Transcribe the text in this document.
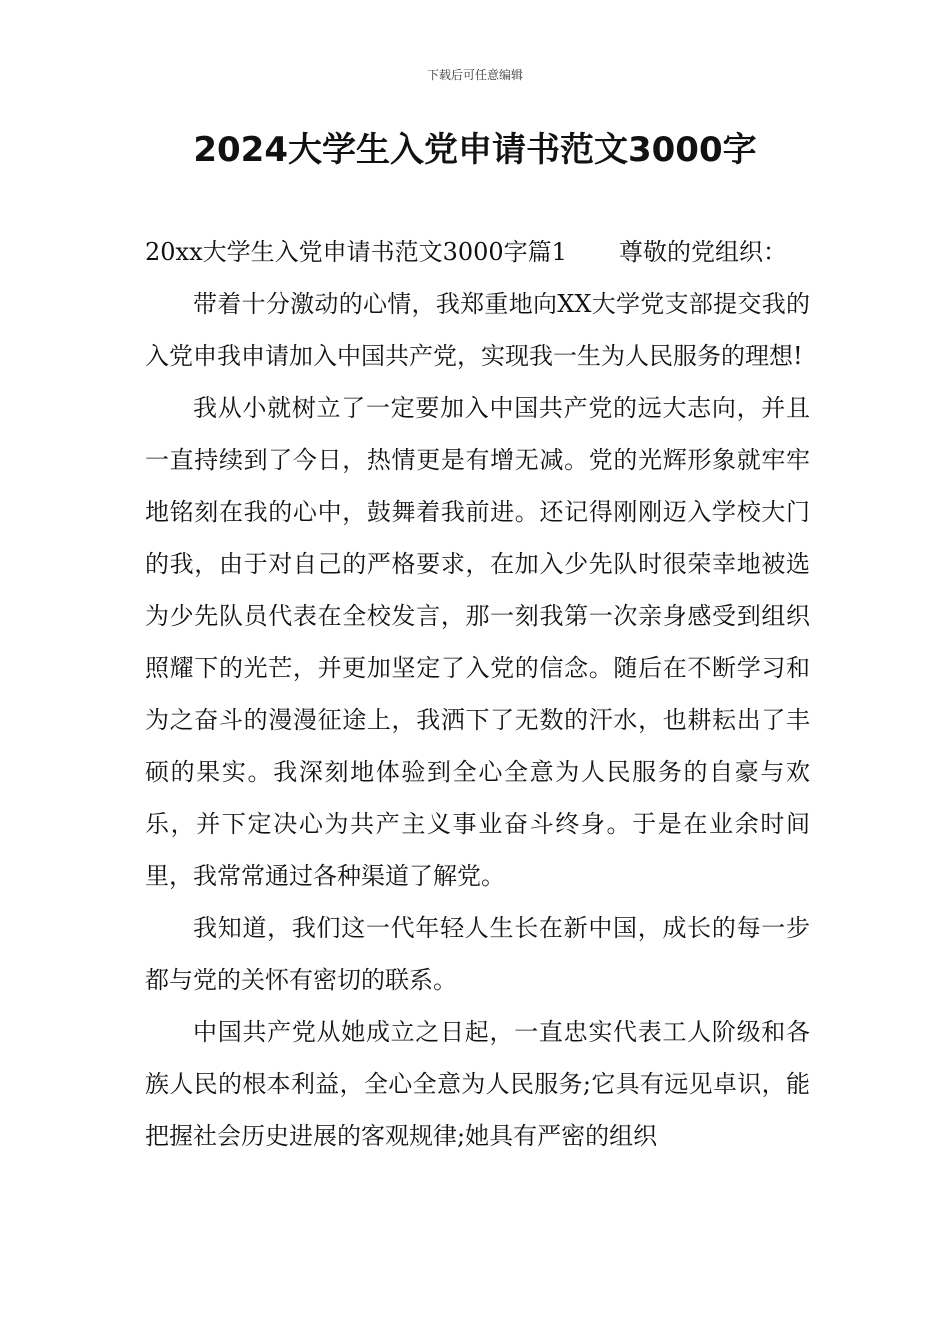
下载后可任意编辑
2024大学生入党申请书范文3000字

20xx大学生入党申请书范文3000字篇1 尊敬的党组织：

带着十分激动的心情，我郑重地向XX大学党支部提交我的入党申我申请加入中国共产党，实现我一生为人民服务的理想!

我从小就树立了一定要加入中国共产党的远大志向，并且一直持续到了今日，热情更是有增无减。党的光辉形象就牢牢地铭刻在我的心中，鼓舞着我前进。还记得刚刚迈入学校大门的我，由于对自己的严格要求，在加入少先队时很荣幸地被选为少先队员代表在全校发言，那一刻我第一次亲身感受到组织照耀下的光芒，并更加坚定了入党的信念。随后在不断学习和为之奋斗的漫漫征途上，我洒下了无数的汗水，也耕耘出了丰硕的果实。我深刻地体验到全心全意为人民服务的自豪与欢乐，并下定决心为共产主义事业奋斗终身。于是在业余时间里，我常常通过各种渠道了解党。

我知道，我们这一代年轻人生长在新中国，成长的每一步都与党的关怀有密切的联系。

中国共产党从她成立之日起，一直忠实代表工人阶级和各族人民的根本利益，全心全意为人民服务;它具有远见卓识，能把握社会历史进展的客观规律;她具有严密的组织
